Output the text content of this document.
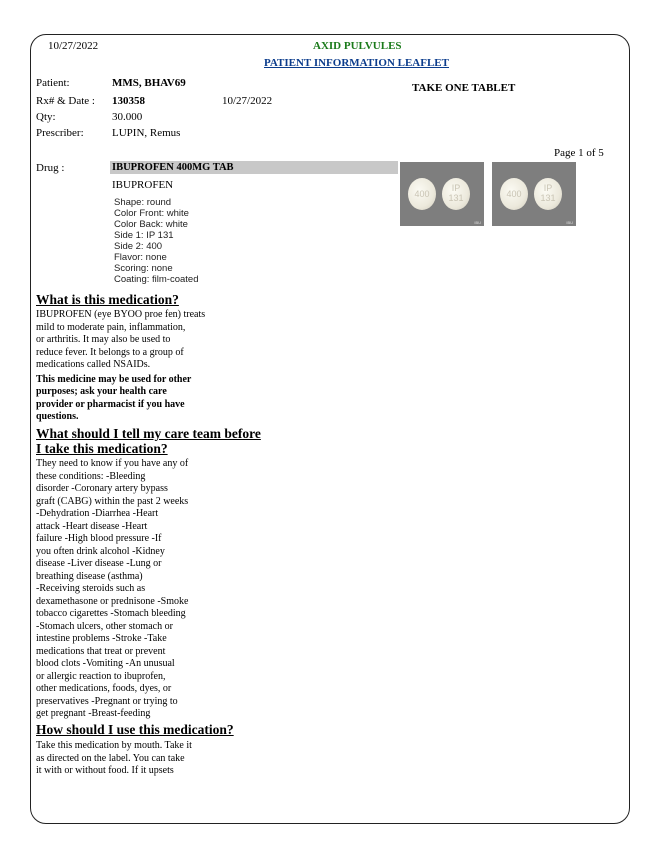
10/27/2022	AXID PULVULES
PATIENT INFORMATION LEAFLET
Patient:	MMS, BHAV69	TAKE ONE TABLET
Rx# & Date : 130358	10/27/2022
Qty:	30.000
Prescriber:	LUPIN, Remus
Page 1 of 5
Drug :	IBUPROFEN 400MG TAB
IBUPROFEN
Shape: round
Color Front: white
Color Back: white
Side 1: IP 131
Side 2: 400
Flavor: none
Scoring: none
Coating: film-coated
400
IP
131
IBU
400
IP
131
IBU
What is this medication?
IBUPROFEN (eye BYOO proe fen) treats
mild to moderate pain, inflammation,
or arthritis. It may also be used to
reduce fever. It belongs to a group of
medications called NSAIDs.
This medicine may be used for other
purposes; ask your health care
provider or pharmacist if you have
questions.
What should I tell my care team before
I take this medication?
They need to know if you have any of
these conditions: -Bleeding
disorder -Coronary artery bypass
graft (CABG) within the past 2 weeks
-Dehydration -Diarrhea -Heart
attack -Heart disease -Heart
failure -High blood pressure -If
you often drink alcohol -Kidney
disease -Liver disease -Lung or
breathing disease (asthma)
-Receiving steroids such as
dexamethasone or prednisone -Smoke
tobacco cigarettes -Stomach bleeding
-Stomach ulcers, other stomach or
intestine problems -Stroke -Take
medications that treat or prevent
blood clots -Vomiting -An unusual
or allergic reaction to ibuprofen,
other medications, foods, dyes, or
preservatives -Pregnant or trying to
get pregnant -Breast-feeding
How should I use this medication?
Take this medication by mouth. Take it
as directed on the label. You can take
it with or without food. If it upsets
